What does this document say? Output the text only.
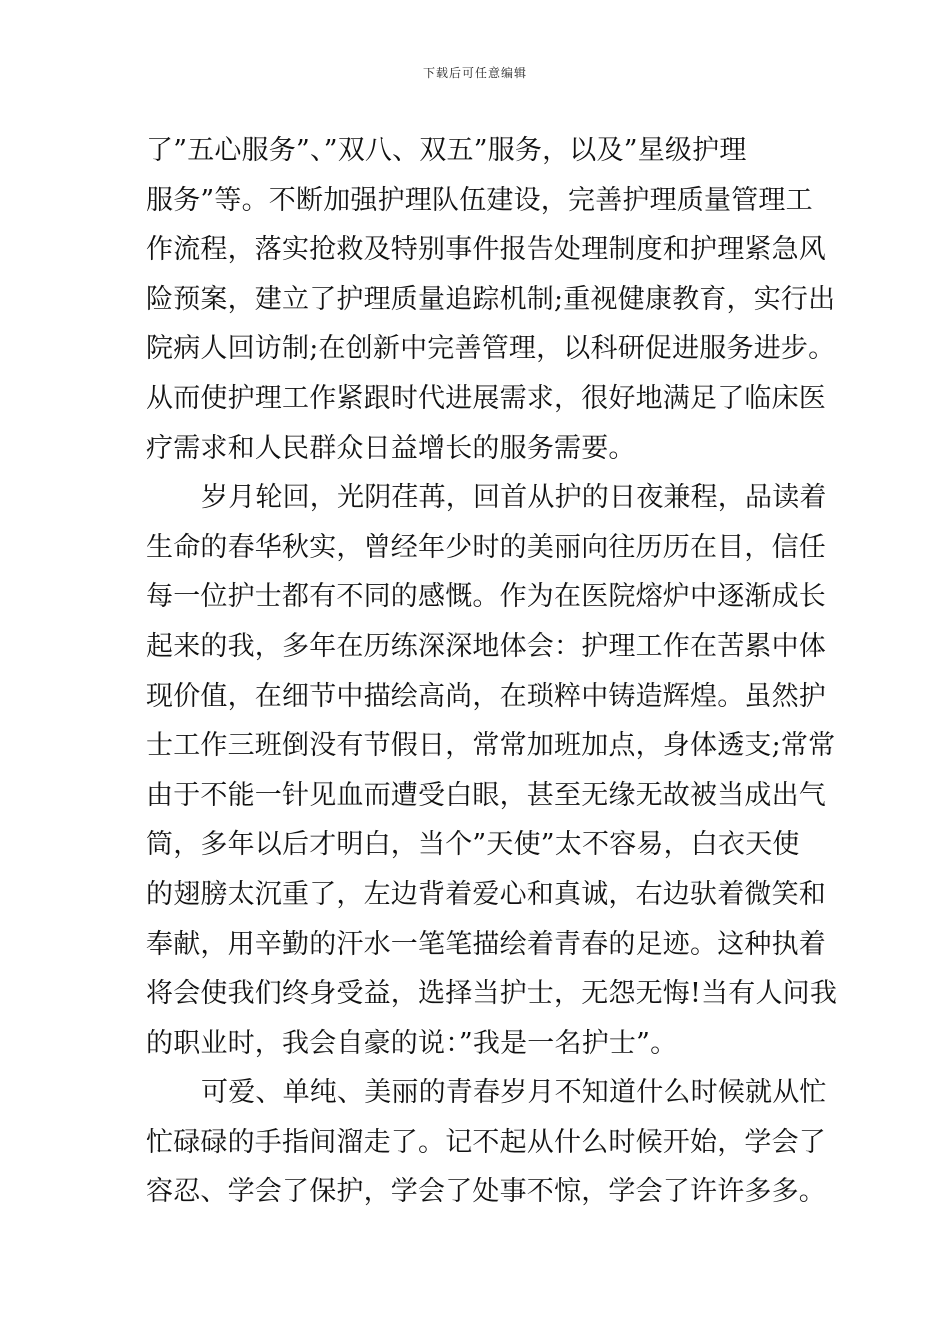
下载后可任意编辑
了”五心服务”、”双八、双五”服务，以及”星级护理
服务”等。不断加强护理队伍建设，完善护理质量管理工
作流程，落实抢救及特别事件报告处理制度和护理紧急风
险预案，建立了护理质量追踪机制;重视健康教育，实行出
院病人回访制;在创新中完善管理，以科研促进服务进步。
从而使护理工作紧跟时代进展需求，很好地满足了临床医
疗需求和人民群众日益增长的服务需要。
岁月轮回，光阴荏苒，回首从护的日夜兼程，品读着
生命的春华秋实，曾经年少时的美丽向往历历在目，信任
每一位护士都有不同的感慨。作为在医院熔炉中逐渐成长
起来的我，多年在历练深深地体会：护理工作在苦累中体
现价值，在细节中描绘高尚，在琐粹中铸造辉煌。虽然护
士工作三班倒没有节假日，常常加班加点，身体透支;常常
由于不能一针见血而遭受白眼，甚至无缘无故被当成出气
筒，多年以后才明白，当个”天使”太不容易，白衣天使
的翅膀太沉重了，左边背着爱心和真诚，右边驮着微笑和
奉献，用辛勤的汗水一笔笔描绘着青春的足迹。这种执着
将会使我们终身受益，选择当护士，无怨无悔!当有人问我
的职业时，我会自豪的说：”我是一名护士”。
可爱、单纯、美丽的青春岁月不知道什么时候就从忙
忙碌碌的手指间溜走了。记不起从什么时候开始，学会了
容忍、学会了保护，学会了处事不惊，学会了许许多多。
